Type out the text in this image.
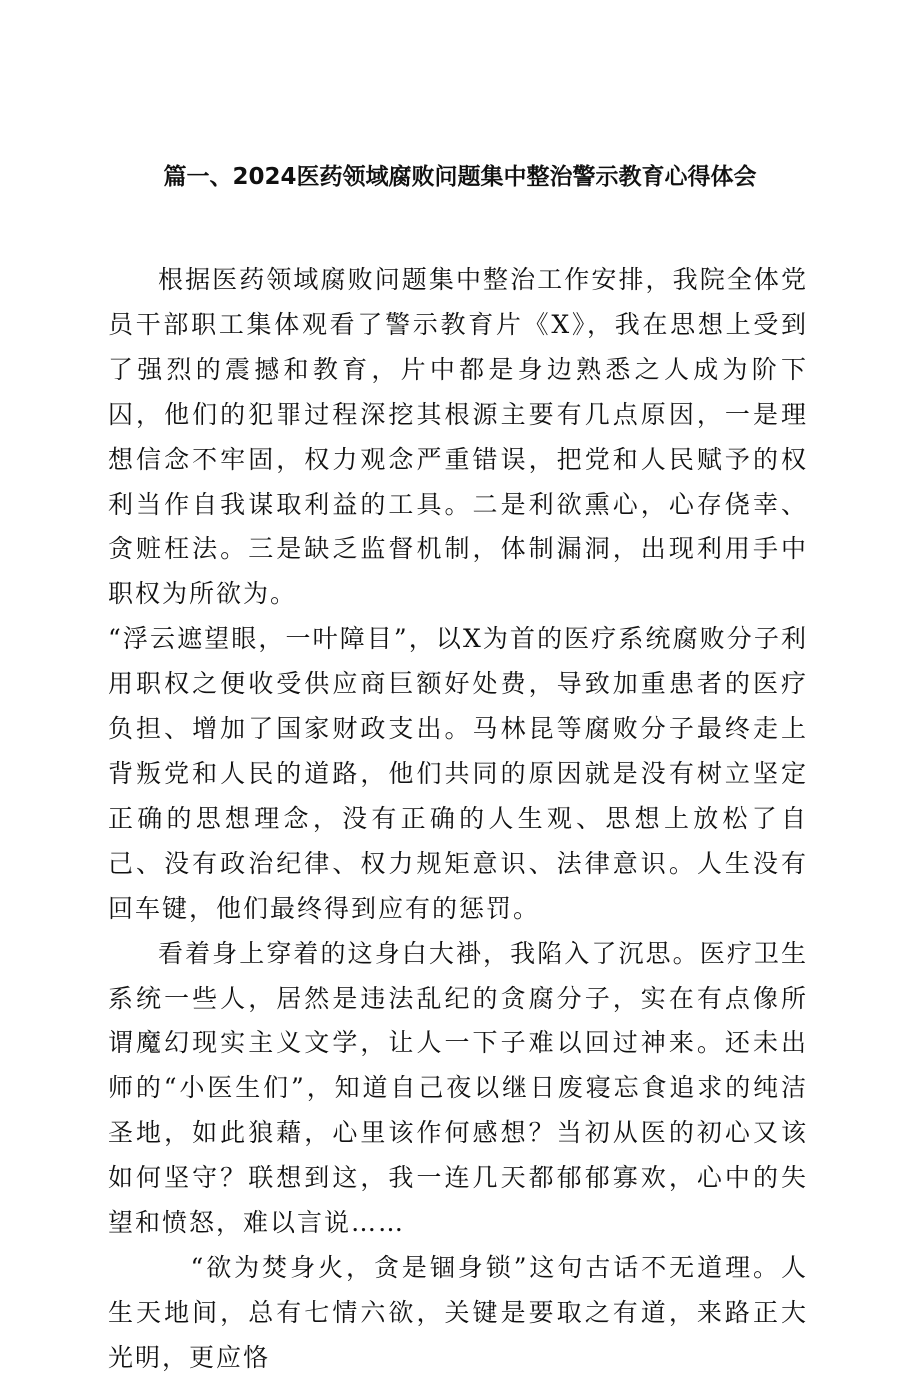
篇一、2024医药领域腐败问题集中整治警示教育心得体会

根据医药领域腐败问题集中整治工作安排，我院全体党员干部职工集体观看了警示教育片《X》，我在思想上受到了强烈的震撼和教育，片中都是身边熟悉之人成为阶下囚，他们的犯罪过程深挖其根源主要有几点原因，一是理想信念不牢固，权力观念严重错误，把党和人民赋予的权利当作自我谋取利益的工具。二是利欲熏心，心存侥幸、贪赃枉法。三是缺乏监督机制，体制漏洞，出现利用手中职权为所欲为。

“浮云遮望眼，一叶障目”，以X为首的医疗系统腐败分子利用职权之便收受供应商巨额好处费，导致加重患者的医疗负担、增加了国家财政支出。马林昆等腐败分子最终走上背叛党和人民的道路，他们共同的原因就是没有树立坚定正确的思想理念，没有正确的人生观、思想上放松了自己、没有政治纪律、权力规矩意识、法律意识。人生没有回车键，他们最终得到应有的惩罚。

看着身上穿着的这身白大褂，我陷入了沉思。医疗卫生系统一些人，居然是违法乱纪的贪腐分子，实在有点像所谓魔幻现实主义文学，让人一下子难以回过神来。还未出师的“小医生们”，知道自己夜以继日废寝忘食追求的纯洁圣地，如此狼藉，心里该作何感想？当初从医的初心又该如何坚守？联想到这，我一连几天都郁郁寡欢，心中的失望和愤怒，难以言说……

“欲为焚身火，贪是锢身锁”这句古话不无道理。人生天地间，总有七情六欲，关键是要取之有道，来路正大光明，更应恪
